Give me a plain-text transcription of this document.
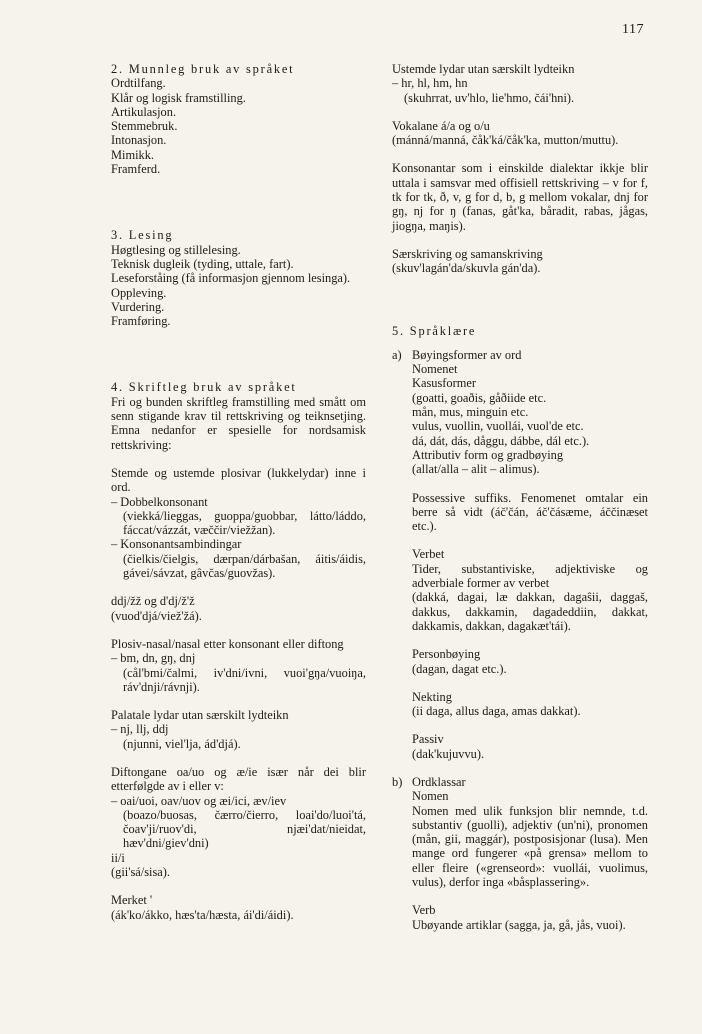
117
2. Munnleg bruk av språket
Ordtilfang.
Klår og logisk framstilling.
Artikulasjon.
Stemmebruk.
Intonasjon.
Mimikk.
Framferd.
3. Lesing
Høgtlesing og stillelesing.
Teknisk dugleik (tyding, uttale, fart).
Leseforståing (få informasjon gjennom lesinga).
Oppleving.
Vurdering.
Framføring.
4. Skriftleg bruk av språket
Fri og bunden skriftleg framstilling med smått om senn stigande krav til rettskriving og teiknsetjing. Emna nedanfor er spesielle for nordsamisk rettskriving:
Stemde og ustemde plosivar (lukkelydar) inne i ord.
– Dobbelkonsonant
(viekká/lieggas, guoppa/guobbar, látto/láddo, fáccat/vázzát, væččir/viežžan).
– Konsonantsambindingar
(čielkis/čielgis, dærpan/dárbašan, áitis/áidis, gávei/sávzat, gâvčas/guovžas).
ddj/žž og d'dj/ž'ž
(vuod'djá/viež'žá).
Plosiv-nasal/nasal etter konsonant eller diftong
– bm, dn, gŋ, dnj
(cål'bmi/čalmi, iv'dni/ivni, vuoi'gŋa/vuoiŋa, ráv'dnji/rávnji).
Palatale lydar utan særskilt lydteikn
– nj, llj, ddj
(njunni, viel'lja, ád'djá).
Diftongane oa/uo og æ/ie især når dei blir etterfølgde av i eller v:
– oai/uoi, oav/uov og æi/ici, æv/iev
(boazo/buosas, čærro/čierro, loai'do/luoi'tá, čoav'ji/ruov'di, njæi'dat/nieidat, hæv'dni/giev'dni)
ii/i
(gii'sá/sisa).
Merket '
(ák'ko/ákko, hæs'ta/hæsta, ái'di/áidi).
Ustemde lydar utan særskilt lydteikn
– hr, hl, hm, hn
(skuhrrat, uv'hlo, lie'hmo, čái'hni).
Vokalane á/a og o/u
(mánná/manná, čåk'ká/čåk'ka, mutton/muttu).
Konsonantar som i einskilde dialektar ikkje blir uttala i samsvar med offisiell rettskriving – v for f, tk for tk, ð, v, g for d, b, g mellom vokalar, dnj for gŋ, nj for ŋ (fanas, gåt'ka, båradit, rabas, jågas, jiogŋa, maŋis).
Særskriving og samanskriving
(skuv'lagán'da/skuvla gán'da).
5. Språklære
a) Bøyingsformer av ord
Nomenet
Kasusformer
(goatti, goaðis, gåðiide etc.
mån, mus, minguin etc.
vulus, vuollin, vuollái, vuol'de etc.
dá, dát, dás, dåggu, dábbe, dál etc.).
Attributiv form og gradbøying
(allat/alla – alit – alimus).
Possessive suffiks. Fenomenet omtalar ein berre så vidt (áč'čán, áč'čásæme, áččinæset etc.).
Verbet
Tider, substantiviske, adjektiviske og adverbiale former av verbet
(dakká, dagai, læ dakkan, dagaŝii, daggaš, dakkus, dakkamin, dagadeddiin, dakkat, dakkamis, dakkan, dagakæt'tái).
Personbøying
(dagan, dagat etc.).
Nekting
(ii daga, allus daga, amas dakkat).
Passiv
(dak'kujuvvu).
b) Ordklassar
Nomen
Nomen med ulik funksjon blir nemnde, t.d. substantiv (guolli), adjektiv (un'ni), pronomen (mån, gii, maggár), postposisjonar (lusa). Men mange ord fungerer «på grensa» mellom to eller fleire («grenseord»: vuollái, vuolimus, vulus), derfor inga «båsplassering».
Verb
Ubøyande artiklar (sagga, ja, gå, jås, vuoi).
